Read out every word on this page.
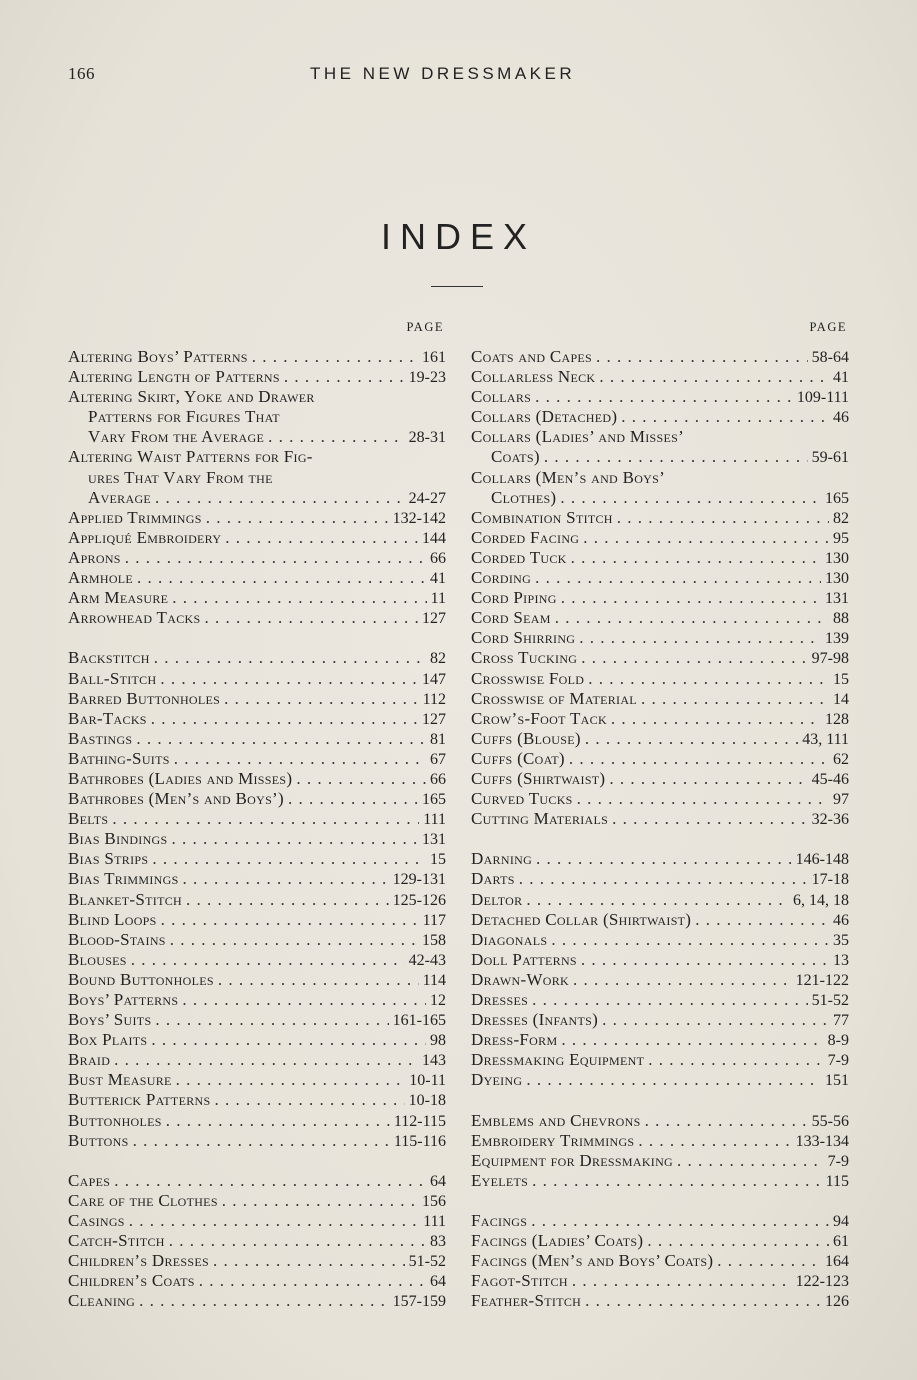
166	THE NEW DRESSMAKER
INDEX
PAGE
Altering Boys’ Patterns . . .	161
Altering Length of Patterns . . .	19-23
Altering Skirt, Yoke and Drawer
Patterns for Figures That
Vary From the Average . . .	28-31
Altering Waist Patterns for Fig-
ures That Vary From the
Average . . .	24-27
Applied Trimmings . . .	132-142
Appliqué Embroidery . . .	144
Aprons . . .	66
Armhole . . .	41
Arm Measure . . .	11
Arrowhead Tacks . . .	127
Backstitch . . .	82
Ball-Stitch . . .	147
Barred Buttonholes . . .	112
Bar-Tacks . . .	127
Bastings . . .	81
Bathing-Suits . . .	67
Bathrobes (Ladies and Misses) . . .	66
Bathrobes (Men’s and Boys’) . . .	165
Belts . . .	111
Bias Bindings . . .	131
Bias Strips . . .	15
Bias Trimmings . . .	129-131
Blanket-Stitch . . .	125-126
Blind Loops . . .	117
Blood-Stains . . .	158
Blouses . . .	42-43
Bound Buttonholes . . .	114
Boys’ Patterns . . .	12
Boys’ Suits . . .	161-165
Box Plaits . . .	98
Braid . . .	143
Bust Measure . . .	10-11
Butterick Patterns . . .	10-18
Buttonholes . . .	112-115
Buttons . . .	115-116
Capes . . .	64
Care of the Clothes . . .	156
Casings . . .	111
Catch-Stitch . . .	83
Children’s Dresses . . .	51-52
Children’s Coats . . .	64
Cleaning . . .	157-159
PAGE
Coats and Capes . . .	58-64
Collarless Neck . . .	41
Collars . . .	109-111
Collars (Detached) . . .	46
Collars (Ladies’ and Misses’
Coats) . . .	59-61
Collars (Men’s and Boys’
Clothes) . . .	165
Combination Stitch . . .	82
Corded Facing . . .	95
Corded Tuck . . .	130
Cording . . .	130
Cord Piping . . .	131
Cord Seam . . .	88
Cord Shirring . . .	139
Cross Tucking . . .	97-98
Crosswise Fold . . .	15
Crosswise of Material . . .	14
Crow’s-Foot Tack . . .	128
Cuffs (Blouse) . . .	43, 111
Cuffs (Coat) . . .	62
Cuffs (Shirtwaist) . . .	45-46
Curved Tucks . . .	97
Cutting Materials . . .	32-36
Darning . . .	146-148
Darts . . .	17-18
Deltor . . .	6, 14, 18
Detached Collar (Shirtwaist) . . .	46
Diagonals . . .	35
Doll Patterns . . .	13
Drawn-Work . . .	121-122
Dresses . . .	51-52
Dresses (Infants) . . .	77
Dress-Form . . .	8-9
Dressmaking Equipment . . .	7-9
Dyeing . . .	151
Emblems and Chevrons . . .	55-56
Embroidery Trimmings . . .	133-134
Equipment for Dressmaking . . .	7-9
Eyelets . . .	115
Facings . . .	94
Facings (Ladies’ Coats) . . .	61
Facings (Men’s and Boys’ Coats) . . .	164
Fagot-Stitch . . .	122-123
Feather-Stitch . . .	126
